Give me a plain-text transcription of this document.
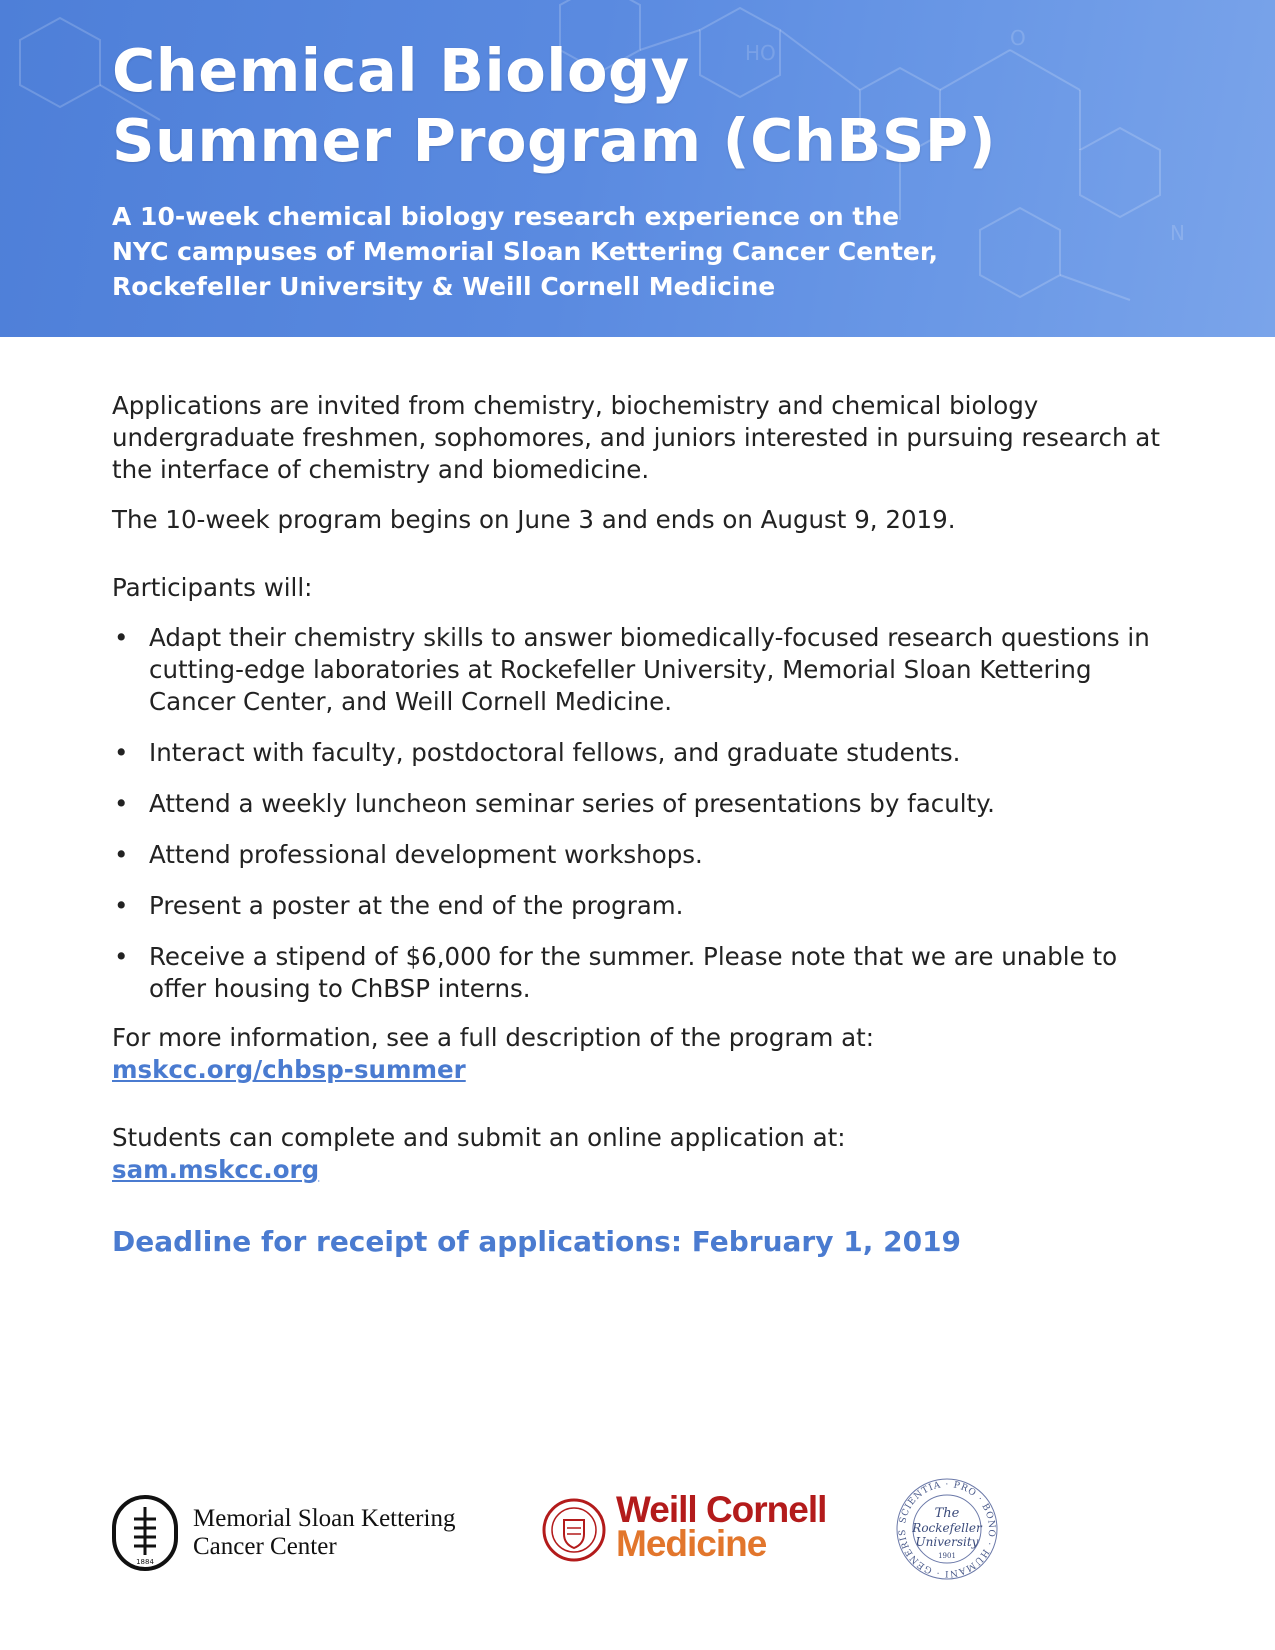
HO
N
O
Chemical Biology
Summer Program (ChBSP)

A 10-week chemical biology research experience on the
NYC campuses of Memorial Sloan Kettering Cancer Center,
Rockefeller University & Weill Cornell Medicine

Applications are invited from chemistry, biochemistry and chemical biology undergraduate freshmen, sophomores, and juniors interested in pursuing research at the interface of chemistry and biomedicine.

The 10-week program begins on June 3 and ends on August 9, 2019.

Participants will:

• Adapt their chemistry skills to answer biomedically-focused research questions in cutting-edge laboratories at Rockefeller University, Memorial Sloan Kettering Cancer Center, and Weill Cornell Medicine.
• Interact with faculty, postdoctoral fellows, and graduate students.
• Attend a weekly luncheon seminar series of presentations by faculty.
• Attend professional development workshops.
• Present a poster at the end of the program.
• Receive a stipend of $6,000 for the summer. Please note that we are unable to offer housing to ChBSP interns.

For more information, see a full description of the program at:
mskcc.org/chbsp-summer

Students can complete and submit an online application at:
sam.mskcc.org

Deadline for receipt of applications: February 1, 2019

1884
Memorial Sloan Kettering
Cancer Center
Weill Cornell
Medicine
SCIENTIA · PRO · BONO · HUMANI · GENERIS
The
Rockefeller
University
1901
